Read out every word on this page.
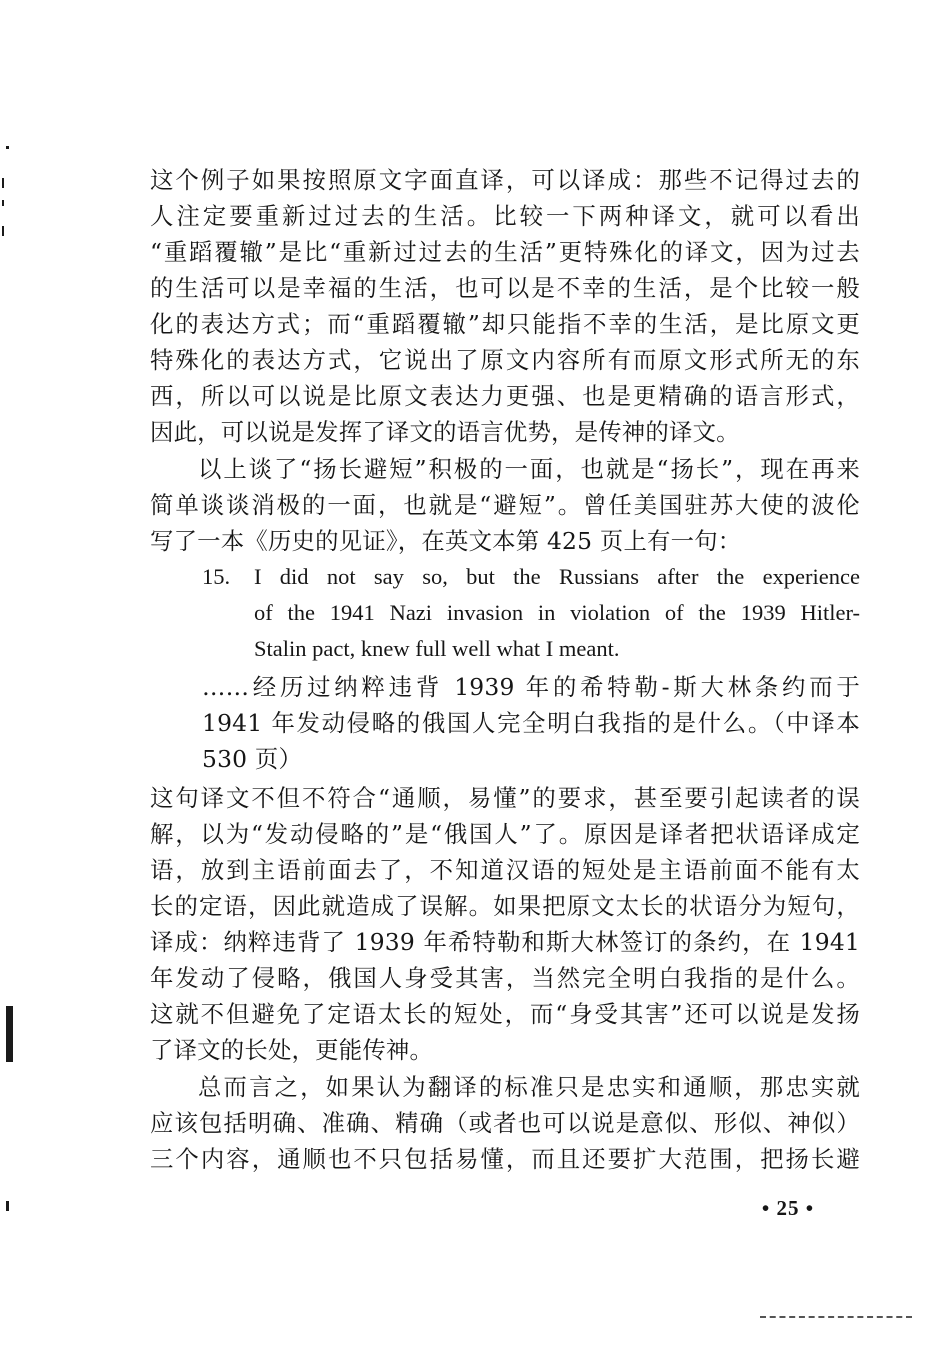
这个例子如果按照原文字面直译，可以译成：那些不记得过去的
人注定要重新过过去的生活。比较一下两种译文，就可以看出
“重蹈覆辙”是比“重新过过去的生活”更特殊化的译文，因为过去
的生活可以是幸福的生活，也可以是不幸的生活，是个比较一般
化的表达方式；而“重蹈覆辙”却只能指不幸的生活，是比原文更
特殊化的表达方式，它说出了原文内容所有而原文形式所无的东
西，所以可以说是比原文表达力更强、也是更精确的语言形式，
因此，可以说是发挥了译文的语言优势，是传神的译文。
以上谈了“扬长避短”积极的一面，也就是“扬长”，现在再来
简单谈谈消极的一面，也就是“避短”。曾任美国驻苏大使的波伦
写了一本《历史的见证》，在英文本第 425 页上有一句：
15. I did not say so, but the Russians after the experience
of the 1941 Nazi invasion in violation of the 1939 Hitler-
Stalin pact, knew full well what I meant.
……经历过纳粹违背 1939 年的希特勒-斯大林条约而于
1941 年发动侵略的俄国人完全明白我指的是什么。（中译本
530 页）
这句译文不但不符合“通顺，易懂”的要求，甚至要引起读者的误
解，以为“发动侵略的”是“俄国人”了。原因是译者把状语译成定
语，放到主语前面去了，不知道汉语的短处是主语前面不能有太
长的定语，因此就造成了误解。如果把原文太长的状语分为短句，
译成：纳粹违背了 1939 年希特勒和斯大林签订的条约，在 1941
年发动了侵略，俄国人身受其害，当然完全明白我指的是什么。
这就不但避免了定语太长的短处，而“身受其害”还可以说是发扬
了译文的长处，更能传神。
总而言之，如果认为翻译的标准只是忠实和通顺，那忠实就
应该包括明确、准确、精确（或者也可以说是意似、形似、神似）
三个内容，通顺也不只包括易懂，而且还要扩大范围，把扬长避
• 25 •
